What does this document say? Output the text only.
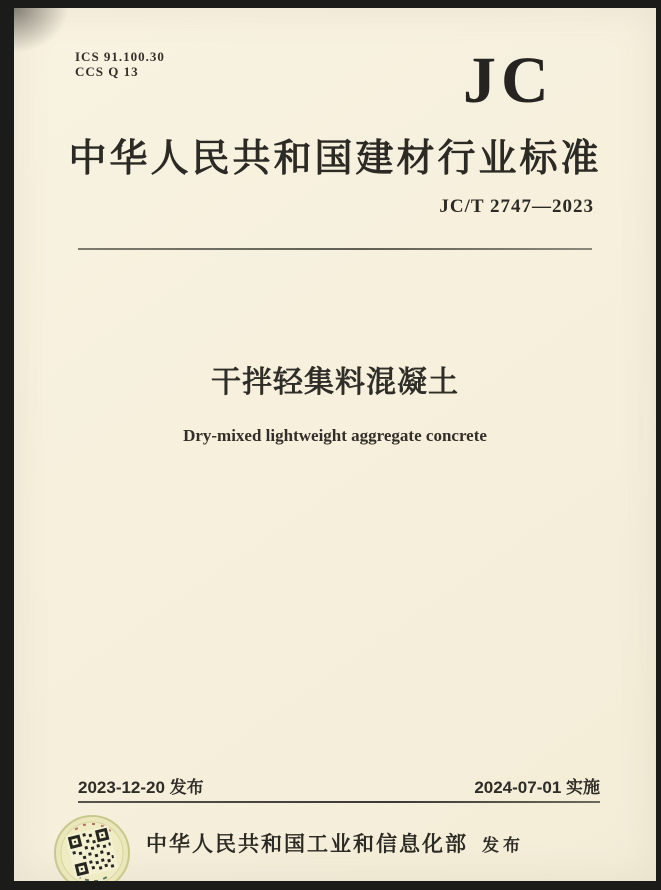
ICS 91.100.30
CCS Q 13	JC
中华人民共和国建材行业标准
JC/T 2747—2023
干拌轻集料混凝土
Dry-mixed lightweight aggregate concrete
2023-12-20 发布	2024-07-01 实施
中华人民共和国工业和信息化部 发布
